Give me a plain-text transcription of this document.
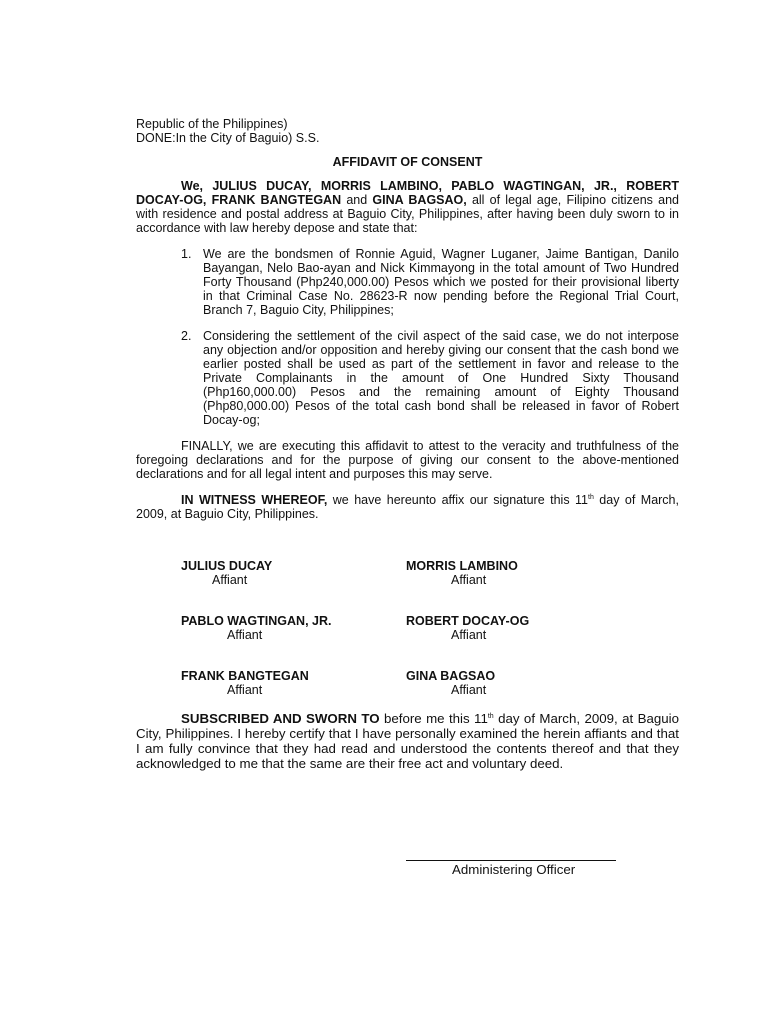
Republic of the Philippines)
DONE:In the City of Baguio) S.S.
AFFIDAVIT OF CONSENT

We, JULIUS DUCAY, MORRIS LAMBINO, PABLO WAGTINGAN, JR., ROBERT DOCAY-OG, FRANK BANGTEGAN and GINA BAGSAO, all of legal age, Filipino citizens and with residence and postal address at Baguio City, Philippines, after having been duly sworn to in accordance with law hereby depose and state that:

1. We are the bondsmen of Ronnie Aguid, Wagner Luganer, Jaime Bantigan, Danilo Bayangan, Nelo Bao-ayan and Nick Kimmayong in the total amount of Two Hundred Forty Thousand (Php240,000.00) Pesos which we posted for their provisional liberty in that Criminal Case No. 28623-R now pending before the Regional Trial Court, Branch 7, Baguio City, Philippines;
2. Considering the settlement of the civil aspect of the said case, we do not interpose any objection and/or opposition and hereby giving our consent that the cash bond we earlier posted shall be used as part of the settlement in favor and release to the Private Complainants in the amount of One Hundred Sixty Thousand (Php160,000.00) Pesos and the remaining amount of Eighty Thousand (Php80,000.00) Pesos of the total cash bond shall be released in favor of Robert Docay-og;
FINALLY, we are executing this affidavit to attest to the veracity and truthfulness of the foregoing declarations and for the purpose of giving our consent to the above-mentioned declarations and for all legal intent and purposes this may serve.
IN WITNESS WHEREOF, we have hereunto affix our signature this 11th day of March, 2009, at Baguio City, Philippines.
JULIUS DUCAY
Affiant
MORRIS LAMBINO
Affiant
PABLO WAGTINGAN, JR.
Affiant
ROBERT DOCAY-OG
Affiant
FRANK BANGTEGAN
Affiant
GINA BAGSAO
Affiant
SUBSCRIBED AND SWORN TO before me this 11th day of March, 2009, at Baguio City, Philippines. I hereby certify that I have personally examined the herein affiants and that I am fully convince that they had read and understood the contents thereof and that they acknowledged to me that the same are their free act and voluntary deed.
Administering Officer
